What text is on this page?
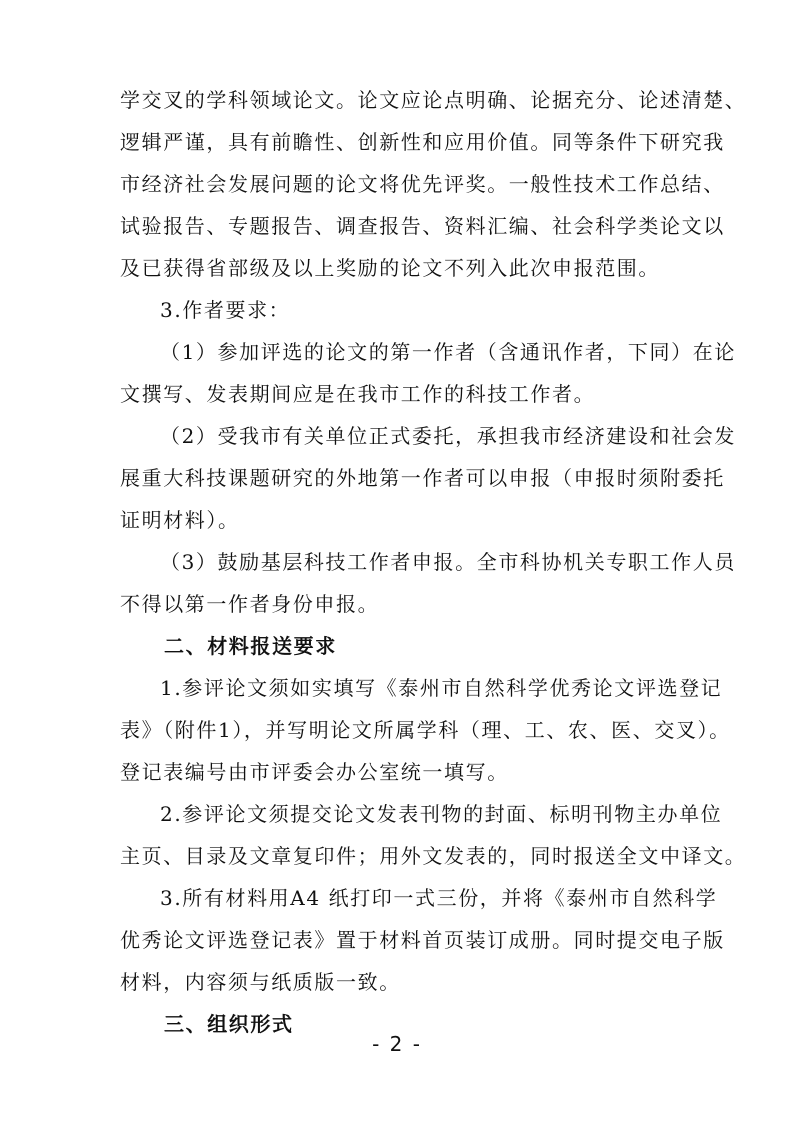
学交叉的学科领域论文。论文应论点明确、论据充分、论述清楚、
逻辑严谨，具有前瞻性、创新性和应用价值。同等条件下研究我
市经济社会发展问题的论文将优先评奖。一般性技术工作总结、
试验报告、专题报告、调查报告、资料汇编、社会科学类论文以
及已获得省部级及以上奖励的论文不列入此次申报范围。
3.作者要求：
（1）参加评选的论文的第一作者（含通讯作者，下同）在论
文撰写、发表期间应是在我市工作的科技工作者。
（2）受我市有关单位正式委托，承担我市经济建设和社会发
展重大科技课题研究的外地第一作者可以申报（申报时须附委托
证明材料）。
（3）鼓励基层科技工作者申报。全市科协机关专职工作人员
不得以第一作者身份申报。
二、材料报送要求
1.参评论文须如实填写《泰州市自然科学优秀论文评选登记
表》（附件1），并写明论文所属学科（理、工、农、医、交叉）。
登记表编号由市评委会办公室统一填写。
2.参评论文须提交论文发表刊物的封面、标明刊物主办单位
主页、目录及文章复印件；用外文发表的，同时报送全文中译文。
3.所有材料用A4 纸打印一式三份，并将《泰州市自然科学
优秀论文评选登记表》置于材料首页装订成册。同时提交电子版
材料，内容须与纸质版一致。
三、组织形式
- 2 -
